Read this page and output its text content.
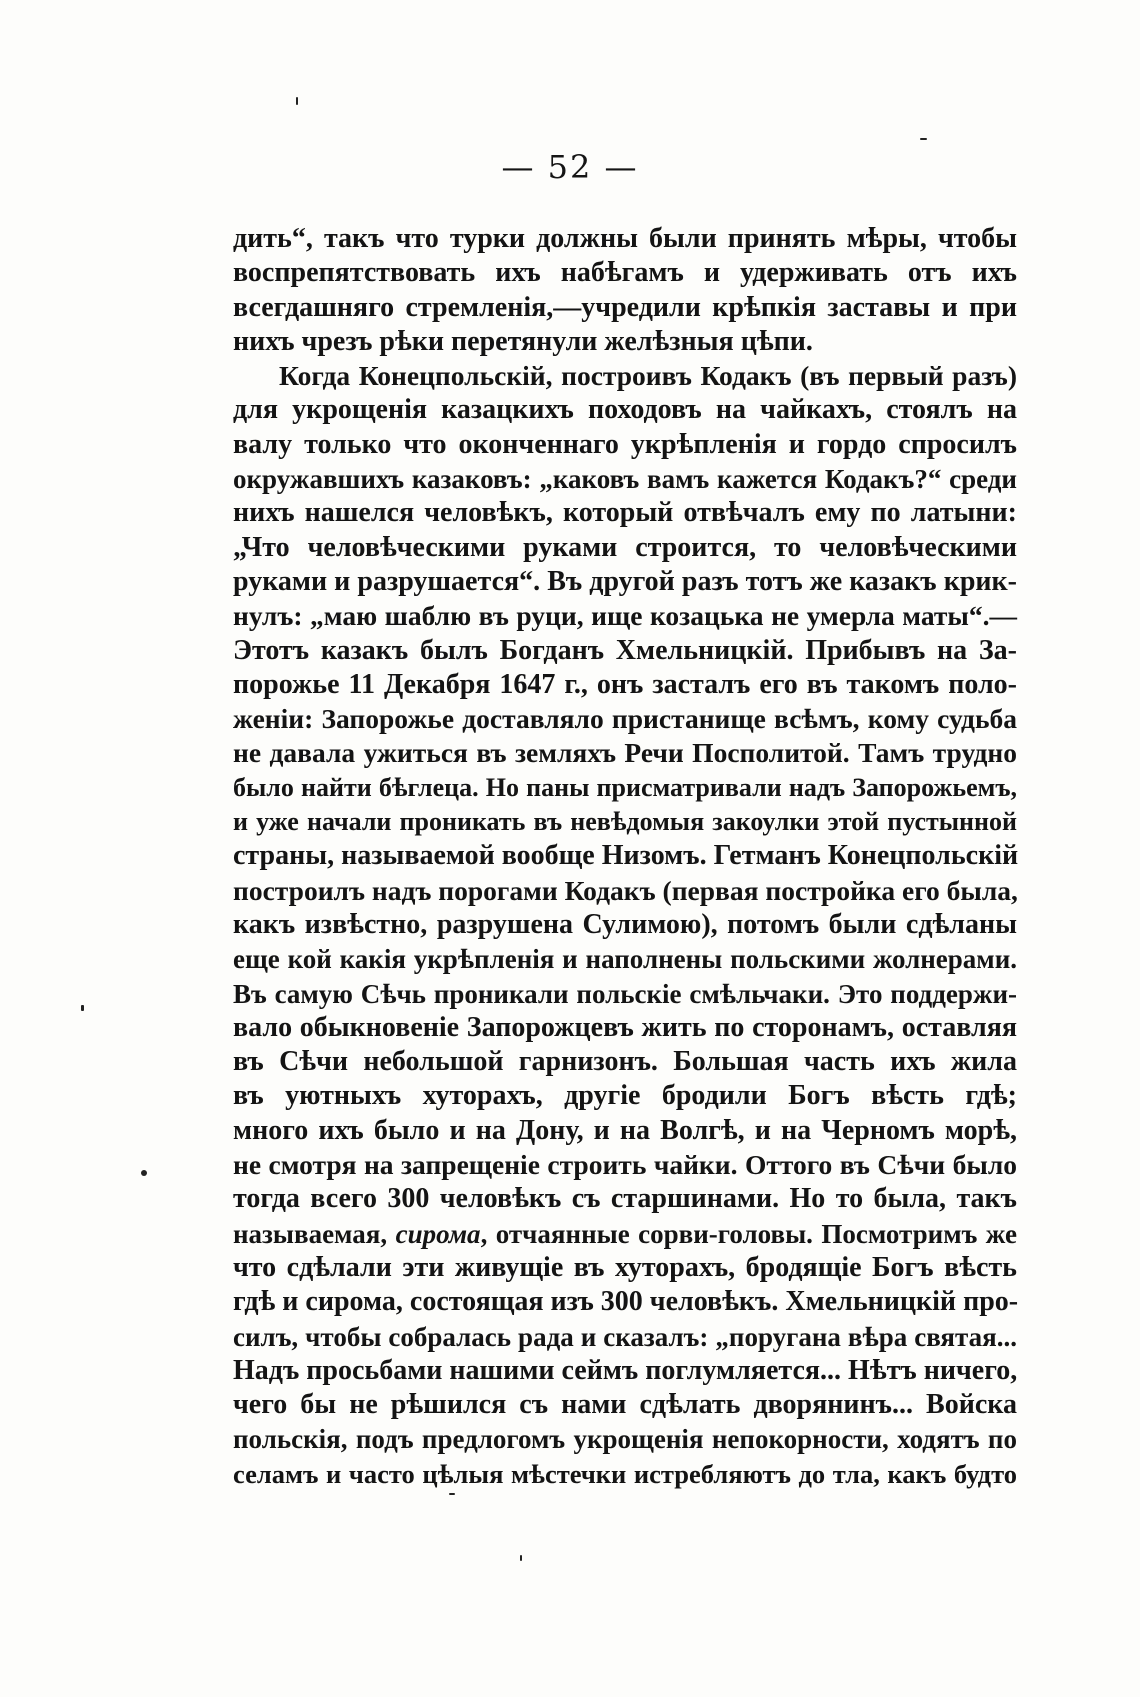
— 52 —
дить“, такъ что турки должны были принять мѣры, чтобы
воспрепятствовать ихъ набѣгамъ и удерживать отъ ихъ
всегдашняго стремленія,—учредили крѣпкія заставы и при
нихъ чрезъ рѣки перетянули желѣзныя цѣпи.
Когда Конецпольскій, построивъ Кодакъ (въ первый разъ)
для укрощенія казацкихъ походовъ на чайкахъ, стоялъ на
валу только что оконченнаго укрѣпленія и гордо спросилъ
окружавшихъ казаковъ: „каковъ вамъ кажется Кодакъ?“ среди
нихъ нашелся человѣкъ, который отвѣчалъ ему по латыни:
„Что человѣческими руками строится, то человѣческими
руками и разрушается“. Въ другой разъ тотъ же казакъ крик-
нулъ: „маю шаблю въ руци, ище козацька не умерла маты“.—
Этотъ казакъ былъ Богданъ Хмельницкій. Прибывъ на За-
порожье 11 Декабря 1647 г., онъ засталъ его въ такомъ поло-
женіи: Запорожье доставляло пристанище всѣмъ, кому судьба
не давала ужиться въ земляхъ Речи Посполитой. Тамъ трудно
было найти бѣглеца. Но паны присматривали надъ Запорожьемъ,
и уже начали проникать въ невѣдомыя закоулки этой пустынной
страны, называемой вообще Низомъ. Гетманъ Конецпольскій
построилъ надъ порогами Кодакъ (первая постройка его была,
какъ извѣстно, разрушена Сулимою), потомъ были сдѣланы
еще кой какія укрѣпленія и наполнены польскими жолнерами.
Въ самую Сѣчь проникали польскіе смѣльчаки. Это поддержи-
вало обыкновеніе Запорожцевъ жить по сторонамъ, оставляя
въ Сѣчи небольшой гарнизонъ. Большая часть ихъ жила
въ уютныхъ хуторахъ, другіе бродили Богъ вѣсть гдѣ;
много ихъ было и на Дону, и на Волгѣ, и на Черномъ морѣ,
не смотря на запрещеніе строить чайки. Оттого въ Сѣчи было
тогда всего 300 человѣкъ съ старшинами. Но то была, такъ
называемая, сирома, отчаянные сорви-головы. Посмотримъ же
что сдѣлали эти живущіе въ хуторахъ, бродящіе Богъ вѣсть
гдѣ и сирома, состоящая изъ 300 человѣкъ. Хмельницкій про-
силъ, чтобы собралась рада и сказалъ: „поругана вѣра святая...
Надъ просьбами нашими сеймъ поглумляется... Нѣтъ ничего,
чего бы не рѣшился съ нами сдѣлать дворянинъ... Войска
польскія, подъ предлогомъ укрощенія непокорности, ходятъ по
селамъ и часто цѣлыя мѣстечки истребляютъ до тла, какъ будто
